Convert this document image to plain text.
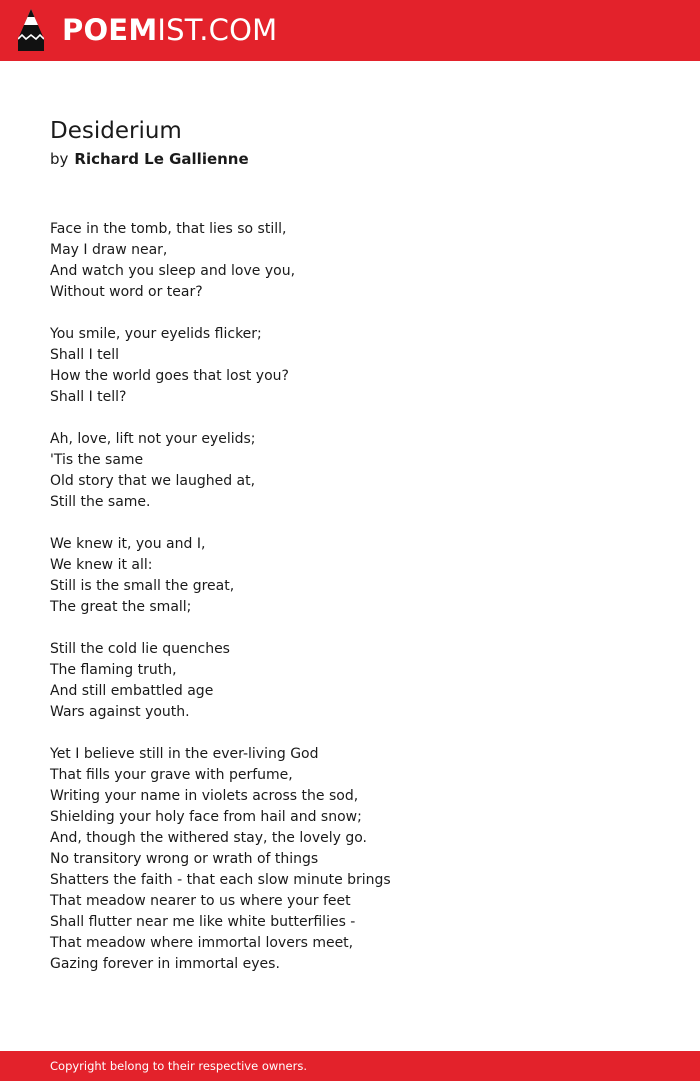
POEMIST.COM
Desiderium
by Richard Le Gallienne
Face in the tomb, that lies so still,
May I draw near,
And watch you sleep and love you,
Without word or tear?
You smile, your eyelids flicker;
Shall I tell
How the world goes that lost you?
Shall I tell?
Ah, love, lift not your eyelids;
'Tis the same
Old story that we laughed at,
Still the same.
We knew it, you and I,
We knew it all:
Still is the small the great,
The great the small;
Still the cold lie quenches
The flaming truth,
And still embattled age
Wars against youth.
Yet I believe still in the ever-living God
That fills your grave with perfume,
Writing your name in violets across the sod,
Shielding your holy face from hail and snow;
And, though the withered stay, the lovely go.
No transitory wrong or wrath of things
Shatters the faith - that each slow minute brings
That meadow nearer to us where your feet
Shall flutter near me like white butterfilies -
That meadow where immortal lovers meet,
Gazing forever in immortal eyes.
Copyright belong to their respective owners.
